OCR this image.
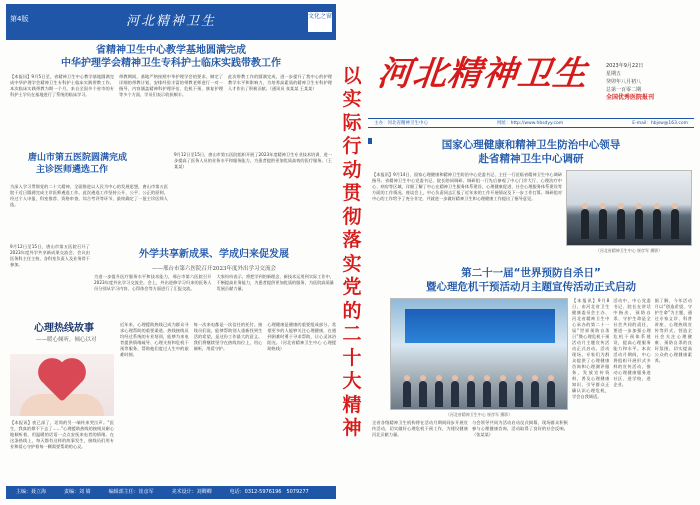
第4版	河北精神卫生	文化之窗
省精神卫生中心教学基地圆满完成
中华护理学会精神卫生专科护士临床实践带教工作
【本报讯】9月5日至，省精神卫生中心教学基地圆满完成中华护理学会精神卫生专科护士临床实践带教工作。本次临床实践带教为期一个月，来自全国多个省市的专科护士学员在基地进行了系统的临床学习。
带教期间，基地严格按照中华护理学会的要求，制定了详细的带教计划，安排经验丰富的带教老师进行一对一指导，内容涵盖精神科护理评估、危机干预、康复护理等多个方面，学员们表示收获颇丰。
此次带教工作的圆满完成，进一步提升了我中心的护理教学水平和影响力，为培养高素质的精神卫生专科护理人才作出了积极贡献。（通讯员 张某某 王某某）
唐山市第五医院圆满完成
主诊医师遴选工作
为深入学习贯彻党的二十大精神，全面推进以人民为中心的发展思想，唐山市第五医院于近日圆满完成主诊医师遴选工作。此次遴选工作坚持公开、公平、公正的原则，经过个人申报、科室推荐、资格审查、综合考评等环节，最终确定了一批主诊医师人选。
9月12日至15日，唐山市第五医院组织开展了2023年度精神卫生专业技术培训，进一步提高了医务人员的业务水平和服务能力，为患者提供更加优质高效的医疗服务。（王某某）
9月12日至15日，唐山市第五医院召开了2023年度外学共享新成果交流会。会议由医务科主任主持，各科室负责人及业务骨干参加。
外学共享新成果、学成归来促发展
——邢台市第六医院召开2023年度外出学习交流会
为进一步提升医疗服务水平和技术能力，邢台市第六医院召开2023年度外出学习交流会，会上，外出进修学习归来的医务人员分别从学习内容、心得体会等方面进行了汇报交流。
大家纷纷表示，将把学到的新理念、新技术运用到实际工作中，不断提高业务能力，为患者提供更加优质的服务，为医院高质量发展贡献力量。
心理热线故事
——暖心倾听，倾心以对
【本报讯】夜已深了，话筒的另一端传来哭泣声。“医生，我真的撑不下去了……”心理援助热线的接线员耐心地倾听着，用温暖的话语一点点安抚来电者的情绪。在这条热线上，每天都有这样的故事发生，接线员们用专业和爱心守护着每一颗需要帮助的心灵。
近年来，心理援助热线已成为群众寻求心理帮助的重要渠道。热线接线员均经过系统的专业培训，能够为来电者提供情绪疏导、心理支持和危机干预等服务，帮助他们度过人生中的艰难时刻。
每一次来电都是一次信任的托付。接线员们说，能够帮助别人重新找到生活的希望，是这份工作最大的意义。我们将继续坚守在热线岗位上，用心倾听，用爱守护。
心理健康是健康的重要组成部分，希望更多的人能够关注心理健康，在遇到困难时勇于寻求帮助，让心灵沐浴阳光。（河北省精神卫生中心 心理援助热线）
主编：聂立海	责编：刘 婧	编辑部主任：崔彦军	美术设计：刘卿卿	电话：0312-5976196　5079277
以实际行动贯彻落实党的二十大精神
河北精神卫生	2023年9月22日
星期五
癸卯年八月初八
总第一百零二期
全国优秀医院报刊
主办：河北省精神卫生中心	网址：http://www.hbsdyy.com	E-mail：hbjsw@163.com
国家心理健康和精神卫生防治中心领导
赴省精神卫生中心调研
【本报讯】9月14日，国家心理健康和精神卫生防治中心党委书记、主任一行莅临省精神卫生中心调研指导。省精神卫生中心党委书记、院长陪同调研。调研组一行先后参观了中心门诊大厅、心理治疗中心、病房等区域，详细了解了中心在精神卫生服务体系建设、心理健康促进、社会心理服务体系建设等方面的工作情况。座谈会上，中心负责同志汇报了近年来的工作开展情况及下一步工作打算。调研组对中心的工作给予了充分肯定，并就进一步做好精神卫生和心理健康工作提出了指导意见。
（河北省精神卫生中心 崔彦军 摄影）
第二十一届“世界预防自杀日”
暨心理危机干预活动月主题宣传活动正式启动
（河北省精神卫生中心 崔彦军 摄影）
【本报讯】9月8日，由河北省卫生健康委员会主办、河北省精神卫生中心承办的第二十一届“世界预防自杀日”暨心理危机干预活动月主题宣传活动正式启动。活动现场，专家们为群众提供了心理健康咨询和心理测评服务，发放宣传资料，普及心理健康知识，引导群众正确认识心理危机，学会自我调适。
活动中，中心党委书记、院长在讲话中指出，预防自杀、守护生命是全社会共同的责任，要进一步加强心理危机干预体系建设，提高心理服务能力和水平。本次活动月期间，中心将组织开展形式多样的宣传活动，推动心理健康服务进社区、进学校、进企业。
据了解，今年活动月以“创造希望，守护生命”为主题，通过专家义诊、科普讲座、心理热线宣传等形式，营造全社会关注心理健康、预防自杀的良好氛围，切实提高公众的心理健康素养。
全省各级精神卫生机构将在活动月期间同步开展宣传活动，切实做好心理危机干预工作，为建设健康河北贡献力量。
与会领导共同为活动启动仪式揭幕，现场群众积极参与心理健康咨询，活动取得了良好的社会反响。（张某某）
